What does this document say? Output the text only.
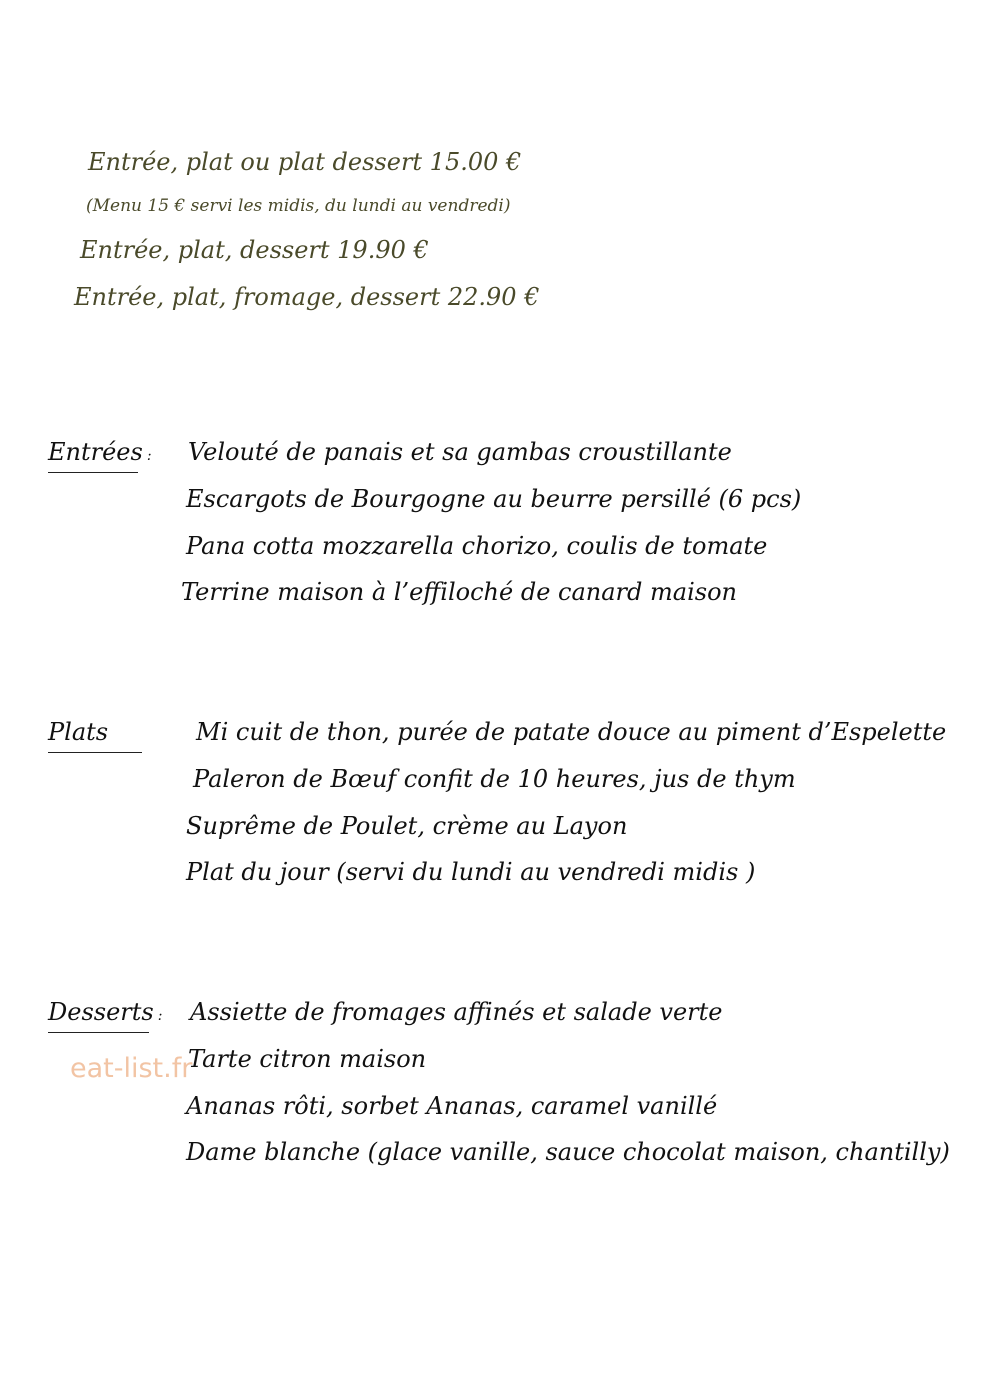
Entrée, plat ou plat dessert 15.00 €
(Menu 15 € servi les midis, du lundi au vendredi)
Entrée, plat, dessert 19.90 €
Entrée, plat, fromage, dessert 22.90 €
Entrées : Velouté de panais et sa gambas croustillante
Escargots de Bourgogne au beurre persillé (6 pcs)
Pana cotta mozzarella chorizo, coulis de tomate
Terrine maison à l’effiloché de canard maison
Plats	Mi cuit de thon, purée de patate douce au piment d’Espelette
Paleron de Bœuf confit de 10 heures, jus de thym
Suprême de Poulet, crème au Layon
Plat du jour (servi du lundi au vendredi midis )
Desserts : Assiette de fromages affinés et salade verte
Tarte citron maison
Ananas rôti, sorbet Ananas, caramel vanillé
Dame blanche (glace vanille, sauce chocolat maison, chantilly)
eat-list.fr
